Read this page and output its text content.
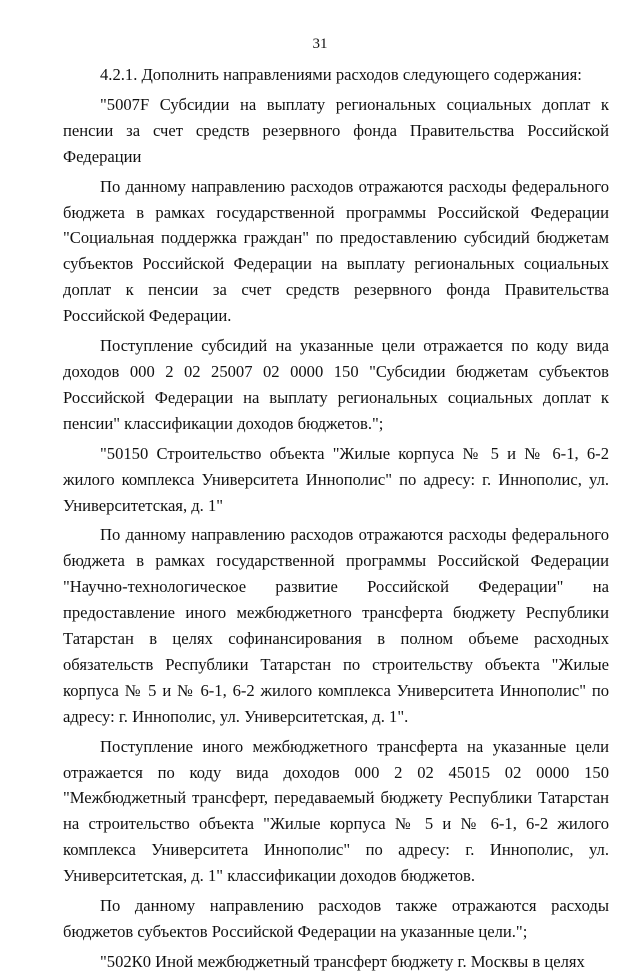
31

4.2.1. Дополнить направлениями расходов следующего содержания:

"5007F Субсидии на выплату региональных социальных доплат к пенсии за счет средств резервного фонда Правительства Российской Федерации

По данному направлению расходов отражаются расходы федерального бюджета в рамках государственной программы Российской Федерации "Социальная поддержка граждан" по предоставлению субсидий бюджетам субъектов Российской Федерации на выплату региональных социальных доплат к пенсии за счет средств резервного фонда Правительства Российской Федерации.

Поступление субсидий на указанные цели отражается по коду вида доходов 000 2 02 25007 02 0000 150 "Субсидии бюджетам субъектов Российской Федерации на выплату региональных социальных доплат к пенсии" классификации доходов бюджетов.";

"50150 Строительство объекта "Жилые корпуса № 5 и № 6-1, 6-2 жилого комплекса Университета Иннополис" по адресу: г. Иннополис, ул. Университетская, д. 1"

По данному направлению расходов отражаются расходы федерального бюджета в рамках государственной программы Российской Федерации "Научно-технологическое развитие Российской Федерации" на предоставление иного межбюджетного трансферта бюджету Республики Татарстан в целях софинансирования в полном объеме расходных обязательств Республики Татарстан по строительству объекта "Жилые корпуса № 5 и № 6-1, 6-2 жилого комплекса Университета Иннополис" по адресу: г. Иннополис, ул. Университетская, д. 1".

Поступление иного межбюджетного трансферта на указанные цели отражается по коду вида доходов 000 2 02 45015 02 0000 150 "Межбюджетный трансферт, передаваемый бюджету Республики Татарстан на строительство объекта "Жилые корпуса № 5 и № 6-1, 6-2 жилого комплекса Университета Иннополис" по адресу: г. Иннополис, ул. Университетская, д. 1" классификации доходов бюджетов.

По данному направлению расходов также отражаются расходы бюджетов субъектов Российской Федерации на указанные цели.";

"502К0 Иной межбюджетный трансферт бюджету г. Москвы в целях
